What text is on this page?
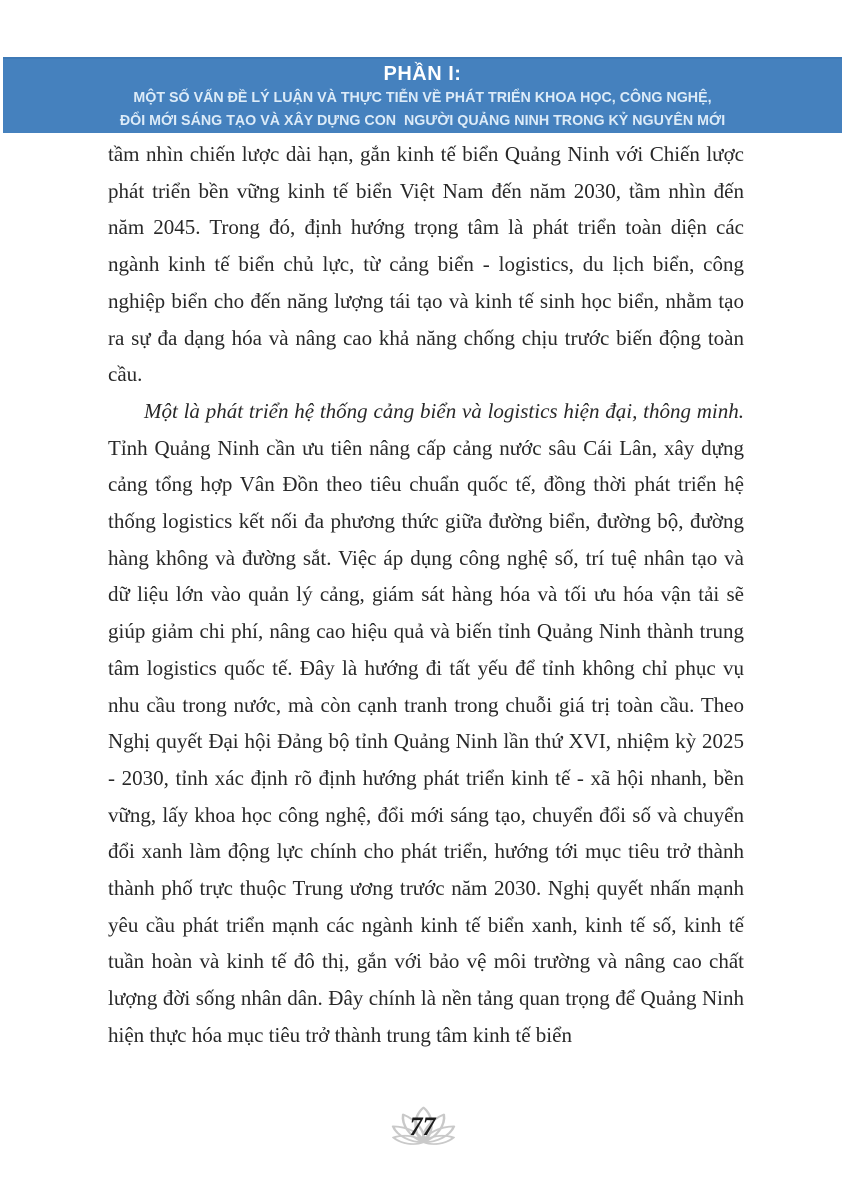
PHẦN I:
MỘT SỐ VẤN ĐỀ LÝ LUẬN VÀ THỰC TIỄN VỀ PHÁT TRIỂN KHOA HỌC, CÔNG NGHỆ,
ĐỔI MỚI SÁNG TẠO VÀ XÂY DỰNG CON  NGƯỜI QUẢNG NINH TRONG KỶ NGUYÊN MỚI

tầm nhìn chiến lược dài hạn, gắn kinh tế biển Quảng Ninh với Chiến lược phát triển bền vững kinh tế biển Việt Nam đến năm 2030, tầm nhìn đến năm 2045. Trong đó, định hướng trọng tâm là phát triển toàn diện các ngành kinh tế biển chủ lực, từ cảng biển - logistics, du lịch biển, công nghiệp biển cho đến năng lượng tái tạo và kinh tế sinh học biển, nhằm tạo ra sự đa dạng hóa và nâng cao khả năng chống chịu trước biến động toàn cầu.

Một là phát triển hệ thống cảng biển và logistics hiện đại, thông minh. Tỉnh Quảng Ninh cần ưu tiên nâng cấp cảng nước sâu Cái Lân, xây dựng cảng tổng hợp Vân Đồn theo tiêu chuẩn quốc tế, đồng thời phát triển hệ thống logistics kết nối đa phương thức giữa đường biển, đường bộ, đường hàng không và đường sắt. Việc áp dụng công nghệ số, trí tuệ nhân tạo và dữ liệu lớn vào quản lý cảng, giám sát hàng hóa và tối ưu hóa vận tải sẽ giúp giảm chi phí, nâng cao hiệu quả và biến tỉnh Quảng Ninh thành trung tâm logistics quốc tế. Đây là hướng đi tất yếu để tỉnh không chỉ phục vụ nhu cầu trong nước, mà còn cạnh tranh trong chuỗi giá trị toàn cầu. Theo Nghị quyết Đại hội Đảng bộ tỉnh Quảng Ninh lần thứ XVI, nhiệm kỳ 2025 - 2030, tỉnh xác định rõ định hướng phát triển kinh tế - xã hội nhanh, bền vững, lấy khoa học công nghệ, đổi mới sáng tạo, chuyển đổi số và chuyển đổi xanh làm động lực chính cho phát triển, hướng tới mục tiêu trở thành thành phố trực thuộc Trung ương trước năm 2030. Nghị quyết nhấn mạnh yêu cầu phát triển mạnh các ngành kinh tế biển xanh, kinh tế số, kinh tế tuần hoàn và kinh tế đô thị, gắn với bảo vệ môi trường và nâng cao chất lượng đời sống nhân dân. Đây chính là nền tảng quan trọng để Quảng Ninh hiện thực hóa mục tiêu trở thành trung tâm kinh tế biển

77
